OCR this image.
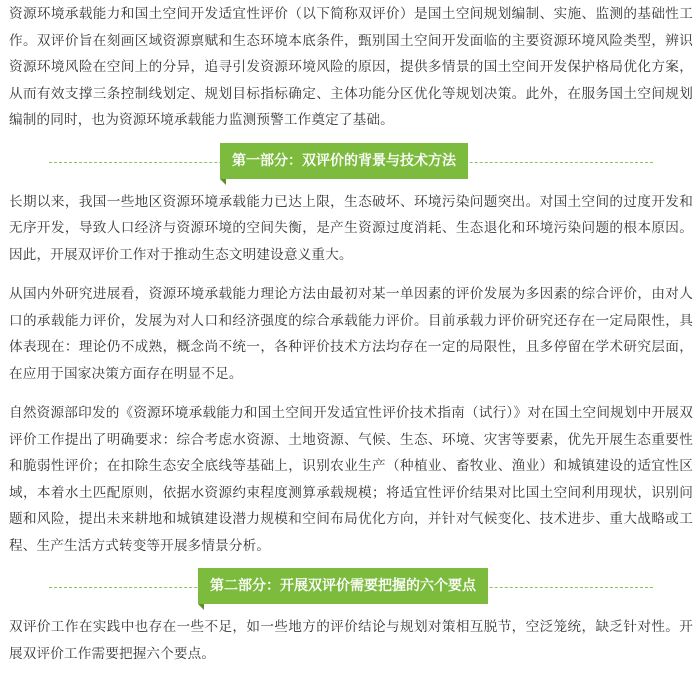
资源环境承载能力和国土空间开发适宜性评价（以下简称双评价）是国土空间规划编制、实施、监测的基础性工作。双评价旨在刻画区域资源禀赋和生态环境本底条件，甄别国土空间开发面临的主要资源环境风险类型，辨识资源环境风险在空间上的分异，追寻引发资源环境风险的原因，提供多情景的国土空间开发保护格局优化方案，从而有效支撑三条控制线划定、规划目标指标确定、主体功能分区优化等规划决策。此外，在服务国土空间规划编制的同时，也为资源环境承载能力监测预警工作奠定了基础。

第一部分：双评价的背景与技术方法

长期以来，我国一些地区资源环境承载能力已达上限，生态破坏、环境污染问题突出。对国土空间的过度开发和无序开发，导致人口经济与资源环境的空间失衡，是产生资源过度消耗、生态退化和环境污染问题的根本原因。因此，开展双评价工作对于推动生态文明建设意义重大。

从国内外研究进展看，资源环境承载能力理论方法由最初对某一单因素的评价发展为多因素的综合评价，由对人口的承载能力评价，发展为对人口和经济强度的综合承载能力评价。目前承载力评价研究还存在一定局限性，具体表现在：理论仍不成熟，概念尚不统一，各种评价技术方法均存在一定的局限性，且多停留在学术研究层面，在应用于国家决策方面存在明显不足。

自然资源部印发的《资源环境承载能力和国土空间开发适宜性评价技术指南（试行）》对在国土空间规划中开展双评价工作提出了明确要求：综合考虑水资源、土地资源、气候、生态、环境、灾害等要素，优先开展生态重要性和脆弱性评价；在扣除生态安全底线等基础上，识别农业生产（种植业、畜牧业、渔业）和城镇建设的适宜性区域，本着水土匹配原则，依据水资源约束程度测算承载规模；将适宜性评价结果对比国土空间利用现状，识别问题和风险，提出未来耕地和城镇建设潜力规模和空间布局优化方向，并针对气候变化、技术进步、重大战略或工程、生产生活方式转变等开展多情景分析。

第二部分：开展双评价需要把握的六个要点

双评价工作在实践中也存在一些不足，如一些地方的评价结论与规划对策相互脱节，空泛笼统，缺乏针对性。开展双评价工作需要把握六个要点。
